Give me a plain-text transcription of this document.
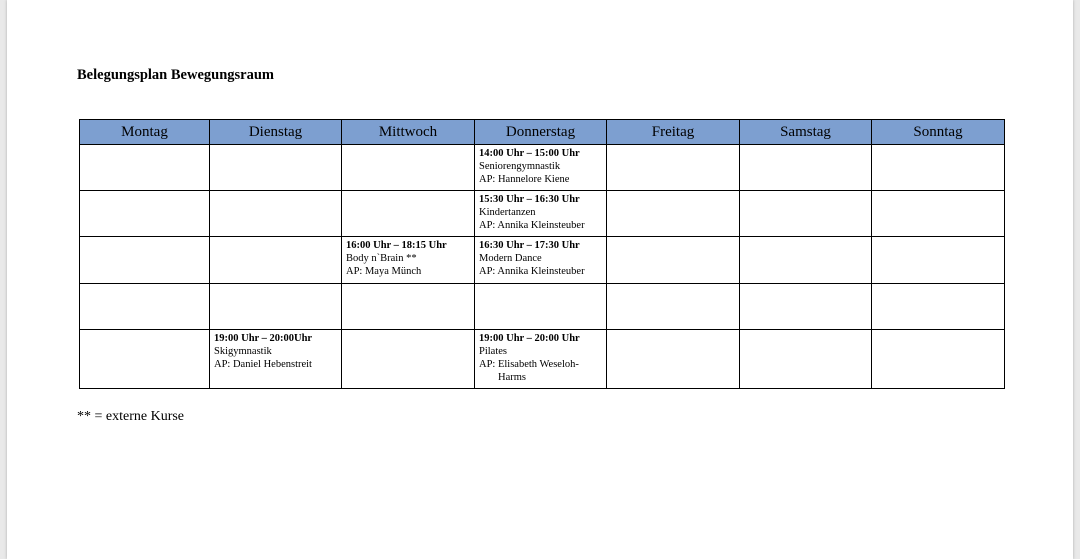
Belegungsplan Bewegungsraum
Montag	Dienstag	Mittwoch	Donnerstag	Freitag	Samstag	Sonntag

			14:00 Uhr – 15:00 Uhr
Seniorengymnastik
AP: Hannelore Kiene			

			15:30 Uhr – 16:30 Uhr
Kindertanzen
AP: Annika Kleinsteuber			

		16:00 Uhr – 18:15 Uhr
Body n`Brain **
AP: Maya Münch	16:30 Uhr – 17:30 Uhr
Modern Dance
AP: Annika Kleinsteuber			

	19:00 Uhr – 20:00Uhr
Skigymnastik
AP: Daniel Hebenstreit		19:00 Uhr – 20:00 Uhr
Pilates
AP: Elisabeth Weseloh-
Harms			

** = externe Kurse
